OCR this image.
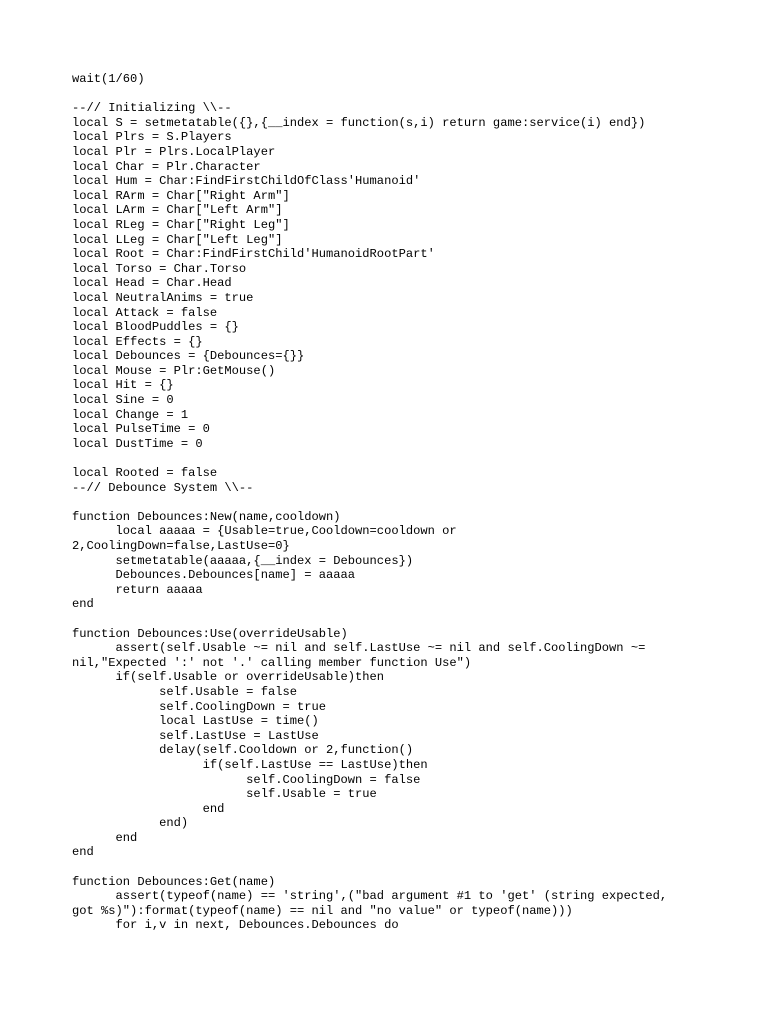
wait(1/60)
--// Initializing \\--
local S = setmetatable({},{__index = function(s,i) return game:service(i) end})
local Plrs = S.Players
local Plr = Plrs.LocalPlayer
local Char = Plr.Character
local Hum = Char:FindFirstChildOfClass'Humanoid'
local RArm = Char["Right Arm"]
local LArm = Char["Left Arm"]
local RLeg = Char["Right Leg"]
local LLeg = Char["Left Leg"]
local Root = Char:FindFirstChild'HumanoidRootPart'
local Torso = Char.Torso
local Head = Char.Head
local NeutralAnims = true
local Attack = false
local BloodPuddles = {}
local Effects = {}
local Debounces = {Debounces={}}
local Mouse = Plr:GetMouse()
local Hit = {}
local Sine = 0
local Change = 1
local PulseTime = 0
local DustTime = 0
local Rooted = false
--// Debounce System \\--
function Debounces:New(name,cooldown)
local aaaaa = {Usable=true,Cooldown=cooldown or
2,CoolingDown=false,LastUse=0}
setmetatable(aaaaa,{__index = Debounces})
Debounces.Debounces[name] = aaaaa
return aaaaa
end
function Debounces:Use(overrideUsable)
assert(self.Usable ~= nil and self.LastUse ~= nil and self.CoolingDown ~=
nil,"Expected ':' not '.' calling member function Use")
if(self.Usable or overrideUsable)then
self.Usable = false
self.CoolingDown = true
local LastUse = time()
self.LastUse = LastUse
delay(self.Cooldown or 2,function()
if(self.LastUse == LastUse)then
self.CoolingDown = false
self.Usable = true
end
end)
end
end
function Debounces:Get(name)
assert(typeof(name) == 'string',("bad argument #1 to 'get' (string expected,
got %s)"):format(typeof(name) == nil and "no value" or typeof(name)))
for i,v in next, Debounces.Debounces do
